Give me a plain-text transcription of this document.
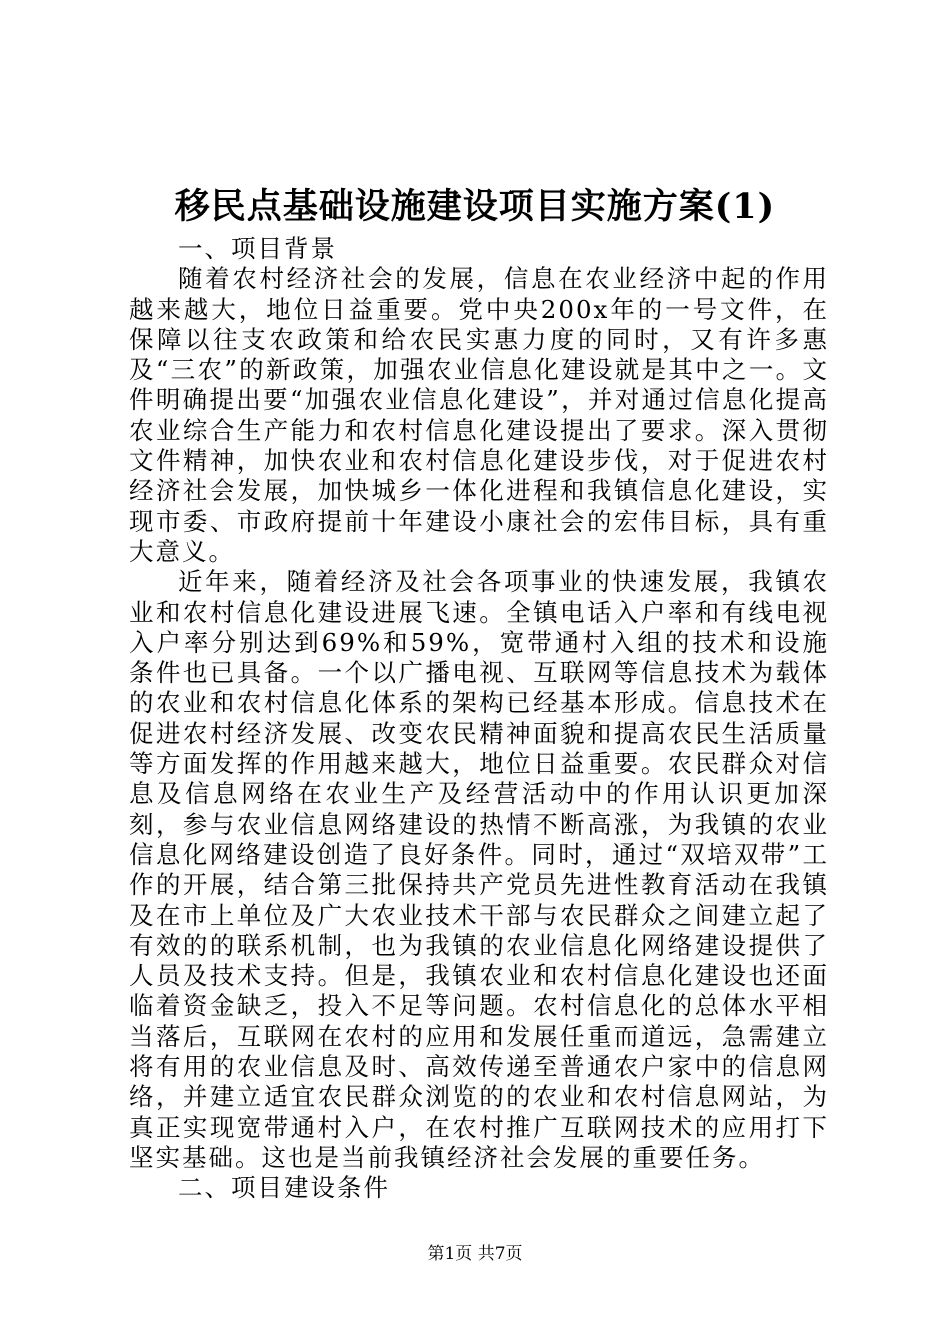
移民点基础设施建设项目实施方案(1)

一、项目背景

随着农村经济社会的发展，信息在农业经济中起的作用越来越大，地位日益重要。党中央200x年的一号文件，在保障以往支农政策和给农民实惠力度的同时，又有许多惠及“三农”的新政策，加强农业信息化建设就是其中之一。文件明确提出要“加强农业信息化建设”，并对通过信息化提高农业综合生产能力和农村信息化建设提出了要求。深入贯彻文件精神，加快农业和农村信息化建设步伐，对于促进农村经济社会发展，加快城乡一体化进程和我镇信息化建设，实现市委、市政府提前十年建设小康社会的宏伟目标，具有重大意义。

近年来，随着经济及社会各项事业的快速发展，我镇农业和农村信息化建设进展飞速。全镇电话入户率和有线电视入户率分别达到69%和59%，宽带通村入组的技术和设施条件也已具备。一个以广播电视、互联网等信息技术为载体的农业和农村信息化体系的架构已经基本形成。信息技术在促进农村经济发展、改变农民精神面貌和提高农民生活质量等方面发挥的作用越来越大，地位日益重要。农民群众对信息及信息网络在农业生产及经营活动中的作用认识更加深刻，参与农业信息网络建设的热情不断高涨，为我镇的农业信息化网络建设创造了良好条件。同时，通过“双培双带”工作的开展，结合第三批保持共产党员先进性教育活动在我镇及在市上单位及广大农业技术干部与农民群众之间建立起了有效的的联系机制，也为我镇的农业信息化网络建设提供了人员及技术支持。但是，我镇农业和农村信息化建设也还面临着资金缺乏，投入不足等问题。农村信息化的总体水平相当落后，互联网在农村的应用和发展任重而道远，急需建立将有用的农业信息及时、高效传递至普通农户家中的信息网络，并建立适宜农民群众浏览的的农业和农村信息网站，为真正实现宽带通村入户，在农村推广互联网技术的应用打下坚实基础。这也是当前我镇经济社会发展的重要任务。

二、项目建设条件

第1页 共7页
